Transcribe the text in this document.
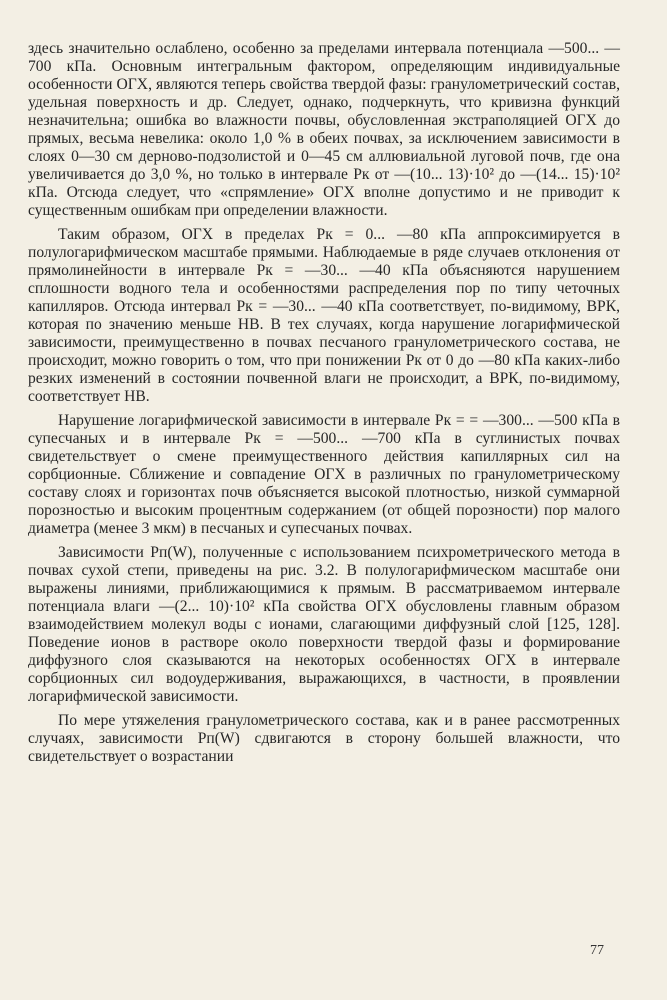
здесь значительно ослаблено, особенно за пределами интервала потенциала —500... —700 кПа. Основным интегральным фактором, определяющим индивидуальные особенности ОГХ, являются теперь свойства твердой фазы: гранулометрический состав, удельная поверхность и др. Следует, однако, подчеркнуть, что кривизна функций незначительна; ошибка во влажности почвы, обусловленная экстраполяцией ОГХ до прямых, весьма невелика: около 1,0 % в обеих почвах, за исключением зависимости в слоях 0—30 см дерново-подзолистой и 0—45 см аллювиальной луговой почв, где она увеличивается до 3,0 %, но только в интервале Рк от —(10... 13)·10² до —(14... 15)·10² кПа. Отсюда следует, что «спрямление» ОГХ вполне допустимо и не приводит к существенным ошибкам при определении влажности.

Таким образом, ОГХ в пределах Рк = 0... —80 кПа аппроксимируется в полулогарифмическом масштабе прямыми. Наблюдаемые в ряде случаев отклонения от прямолинейности в интервале Рк = —30... —40 кПа объясняются нарушением сплошности водного тела и особенностями распределения пор по типу четочных капилляров. Отсюда интервал Рк = —30... —40 кПа соответствует, по-видимому, ВРК, которая по значению меньше НВ. В тех случаях, когда нарушение логарифмической зависимости, преимущественно в почвах песчаного гранулометрического состава, не происходит, можно говорить о том, что при понижении Рк от 0 до —80 кПа каких-либо резких изменений в состоянии почвенной влаги не происходит, а ВРК, по-видимому, соответствует НВ.

Нарушение логарифмической зависимости в интервале Рк = = —300... —500 кПа в супесчаных и в интервале Рк = —500... —700 кПа в суглинистых почвах свидетельствует о смене преимущественного действия капиллярных сил на сорбционные. Сближение и совпадение ОГХ в различных по гранулометрическому составу слоях и горизонтах почв объясняется высокой плотностью, низкой суммарной порозностью и высоким процентным содержанием (от общей порозности) пор малого диаметра (менее 3 мкм) в песчаных и супесчаных почвах.

Зависимости Рп(W), полученные с использованием психрометрического метода в почвах сухой степи, приведены на рис. 3.2. В полулогарифмическом масштабе они выражены линиями, приближающимися к прямым. В рассматриваемом интервале потенциала влаги —(2... 10)·10² кПа свойства ОГХ обусловлены главным образом взаимодействием молекул воды с ионами, слагающими диффузный слой [125, 128]. Поведение ионов в растворе около поверхности твердой фазы и формирование диффузного слоя сказываются на некоторых особенностях ОГХ в интервале сорбционных сил водоудерживания, выражающихся, в частности, в проявлении логарифмической зависимости.

По мере утяжеления гранулометрического состава, как и в ранее рассмотренных случаях, зависимости Рп(W) сдвигаются в сторону большей влажности, что свидетельствует о возрастании

77
